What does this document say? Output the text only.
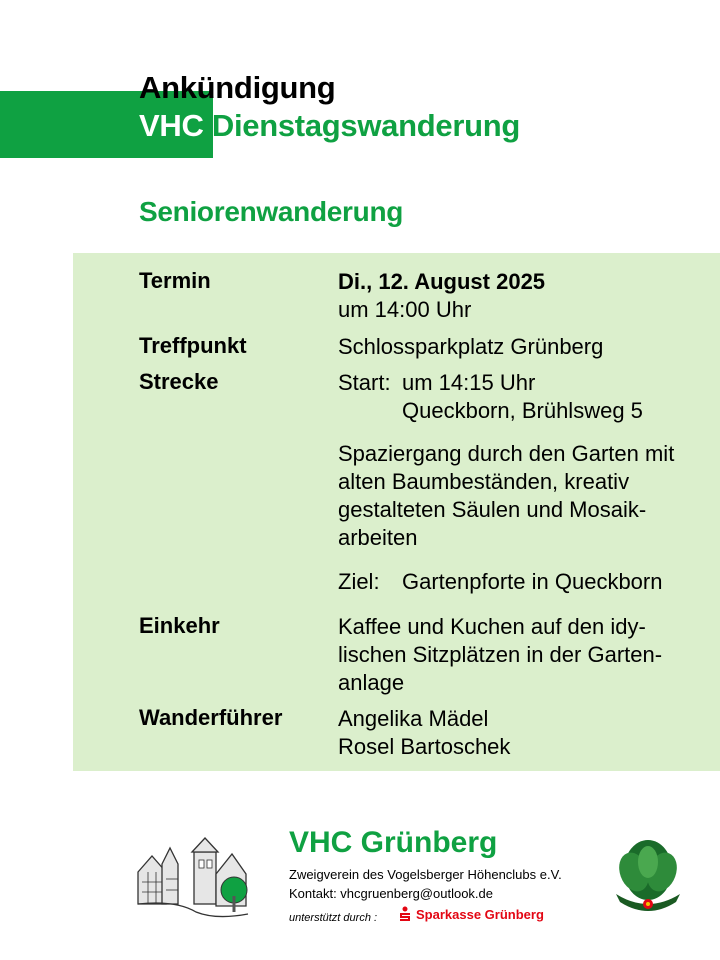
Ankündigung
VHC Dienstagswanderung
Seniorenwanderung
Termin	Di., 12. August 2025
um 14:00 Uhr
Treffpunkt	Schlossparkplatz Grünberg
Strecke	Start: um 14:15 Uhr
Queckborn, Brühlsweg 5
Spaziergang durch den Garten mit
alten Baumbeständen, kreativ
gestalteten Säulen und Mosaik-
arbeiten
Ziel: Gartenpforte in Queckborn
Einkehr	Kaffee und Kuchen auf den idy-
lischen Sitzplätzen in der Garten-
anlage
Wanderführer	Angelika Mädel
Rosel Bartoschek
VHC Grünberg
Zweigverein des Vogelsberger Höhenclubs e.V.
Kontakt: vhcgruenberg@outlook.de
unterstützt durch :	Sparkasse Grünberg
